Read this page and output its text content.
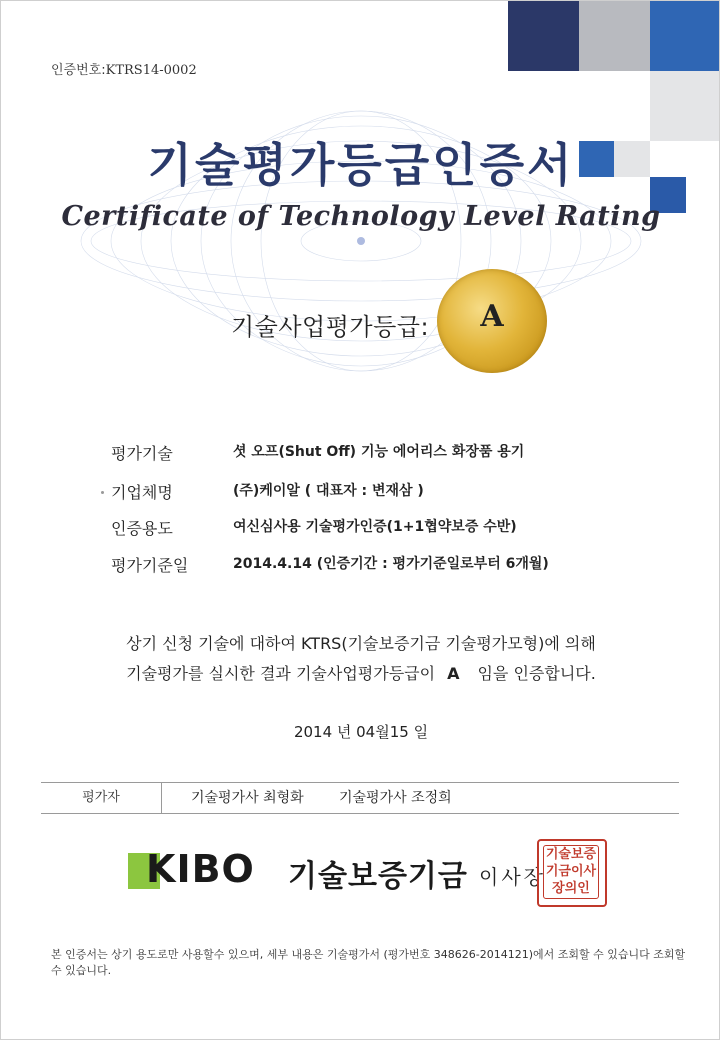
인증번호:KTRS14-0002
기술평가등급인증서
Certificate of Technology Level Rating
기술사업평가등급:	A
평가기술	셧 오프(Shut Off) 기능 에어리스 화장품 용기
기업체명	(주)케이알 ( 대표자 : 변재삼 )
인증용도	여신심사용 기술평가인증(1+1협약보증 수반)
평가기준일	2014.4.14 (인증기간 : 평가기준일로부터 6개월)
상기 신청 기술에 대하여 KTRS(기술보증기금 기술평가모형)에 의해
기술평가를 실시한 결과 기술사업평가등급이 A 임을 인증합니다.
2014 년 04월15 일
평가자	기술평가사 최형화	기술평가사 조정희
KIBO 기술보증기금 이사장
기술보증기금이사장의인
본 인증서는 상기 용도로만 사용할수 있으며, 세부 내용은 기술평가서 (평가번호 348626-2014121)에서 조회할 수 있습니다 조회할 수 있습니다.
